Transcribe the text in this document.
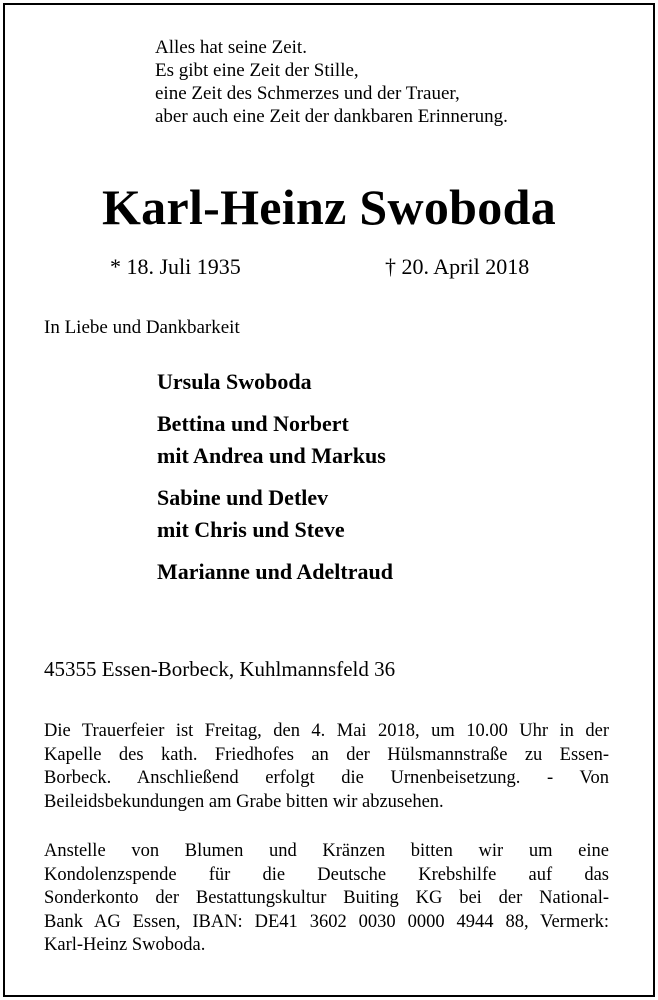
Alles hat seine Zeit.
Es gibt eine Zeit der Stille,
eine Zeit des Schmerzes und der Trauer,
aber auch eine Zeit der dankbaren Erinnerung.
Karl-Heinz Swoboda
* 18. Juli 1935	† 20. April 2018
In Liebe und Dankbarkeit
Ursula Swoboda
Bettina und Norbert
mit Andrea und Markus
Sabine und Detlev
mit Chris und Steve
Marianne und Adeltraud
45355 Essen-Borbeck, Kuhlmannsfeld 36
Die Trauerfeier ist Freitag, den 4. Mai 2018, um 10.00 Uhr in der
Kapelle des kath. Friedhofes an der Hülsmannstraße zu Essen-
Borbeck. Anschließend erfolgt die Urnenbeisetzung. - Von
Beileidsbekundungen am Grabe bitten wir abzusehen.
Anstelle von Blumen und Kränzen bitten wir um eine
Kondolenzspende für die Deutsche Krebshilfe auf das
Sonderkonto der Bestattungskultur Buiting KG bei der National-
Bank AG Essen, IBAN: DE41 3602 0030 0000 4944 88, Vermerk:
Karl-Heinz Swoboda.
